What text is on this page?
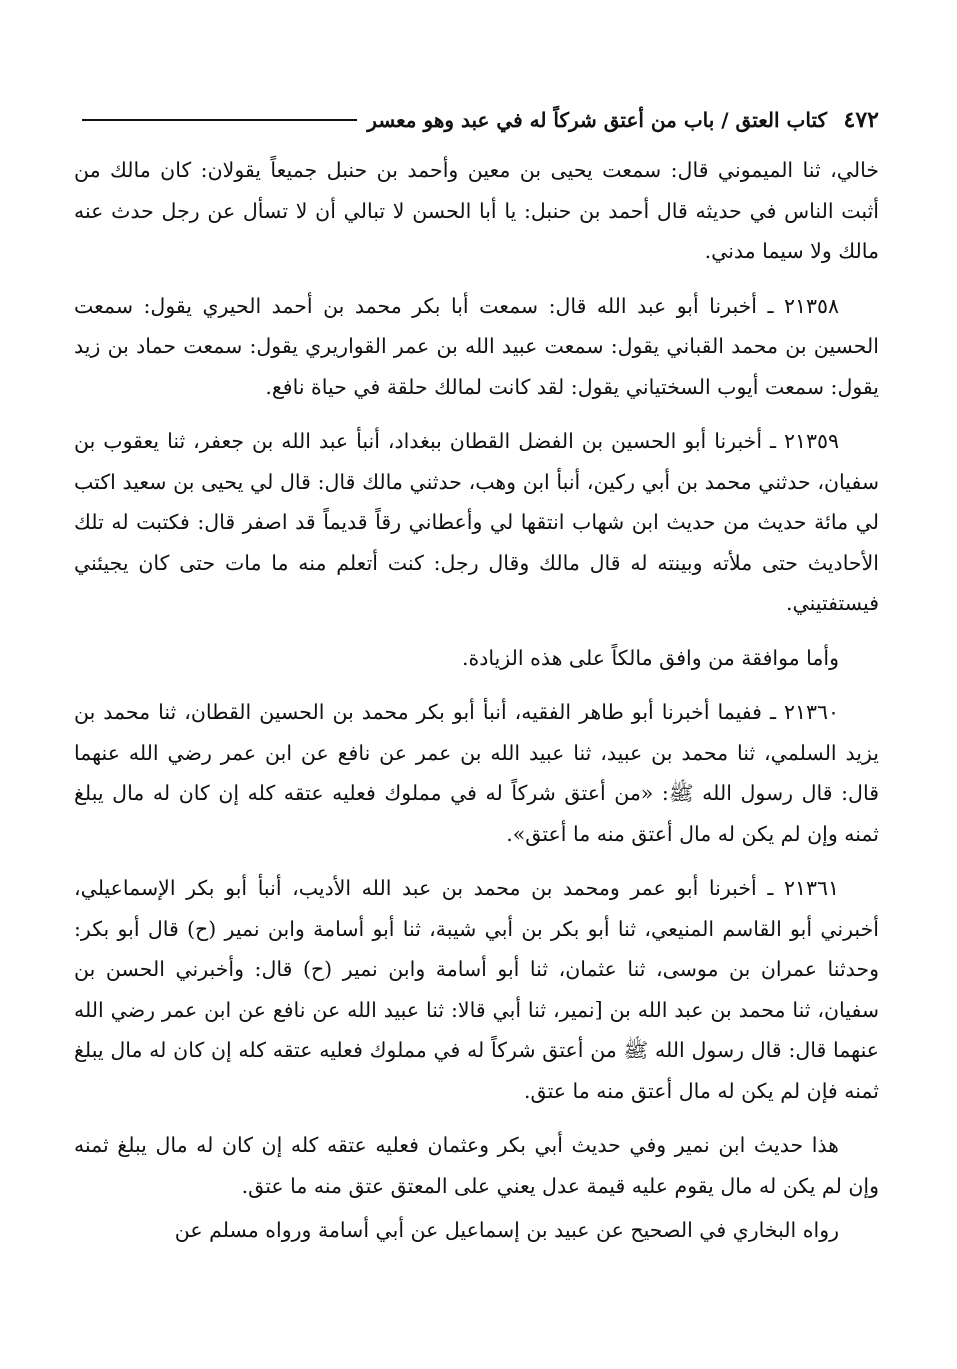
٤٧٢
كتاب العتق / باب من أعتق شركاً له في عبد وهو معسر

خالي، ثنا الميموني قال: سمعت يحيى بن معين وأحمد بن حنبل جميعاً يقولان: كان مالك من أثبت الناس في حديثه قال أحمد بن حنبل: يا أبا الحسن لا تبالي أن لا تسأل عن رجل حدث عنه مالك ولا سيما مدني.

٢١٣٥٨ ـ أخبرنا أبو عبد الله قال: سمعت أبا بكر محمد بن أحمد الحيري يقول: سمعت الحسين بن محمد القباني يقول: سمعت عبيد الله بن عمر القواريري يقول: سمعت حماد بن زيد يقول: سمعت أيوب السختياني يقول: لقد كانت لمالك حلقة في حياة نافع.

٢١٣٥٩ ـ أخبرنا أبو الحسين بن الفضل القطان ببغداد، أنبأ عبد الله بن جعفر، ثنا يعقوب بن سفيان، حدثني محمد بن أبي ركين، أنبأ ابن وهب، حدثني مالك قال: قال لي يحيى بن سعيد اكتب لي مائة حديث من حديث ابن شهاب انتقها لي وأعطاني رقاً قديماً قد اصفر قال: فكتبت له تلك الأحاديث حتى ملأته وبينته له قال مالك وقال رجل: كنت أتعلم منه ما مات حتى كان يجيئني فيستفتيني.

وأما موافقة من وافق مالكاً على هذه الزيادة.

٢١٣٦٠ ـ ففيما أخبرنا أبو طاهر الفقيه، أنبأ أبو بكر محمد بن الحسين القطان، ثنا محمد بن يزيد السلمي، ثنا محمد بن عبيد، ثنا عبيد الله بن عمر عن نافع عن ابن عمر رضي الله عنهما قال: قال رسول الله ﷺ: «من أعتق شركاً له في مملوك فعليه عتقه كله إن كان له مال يبلغ ثمنه وإن لم يكن له مال أعتق منه ما أعتق».

٢١٣٦١ ـ أخبرنا أبو عمر ومحمد بن محمد بن عبد الله الأديب، أنبأ أبو بكر الإسماعيلي، أخبرني أبو القاسم المنيعي، ثنا أبو بكر بن أبي شيبة، ثنا أبو أسامة وابن نمير (ح) قال أبو بكر: وحدثنا عمران بن موسى، ثنا عثمان، ثنا أبو أسامة وابن نمير (ح) قال: وأخبرني الحسن بن سفيان، ثنا محمد بن عبد الله بن [نمير، ثنا أبي قالا: ثنا عبيد الله عن نافع عن ابن عمر رضي الله عنهما قال: قال رسول الله ﷺ من أعتق شركاً له في مملوك فعليه عتقه كله إن كان له مال يبلغ ثمنه فإن لم يكن له مال أعتق منه ما عتق.

هذا حديث ابن نمير وفي حديث أبي بكر وعثمان فعليه عتقه كله إن كان له مال يبلغ ثمنه وإن لم يكن له مال يقوم عليه قيمة عدل يعني على المعتق عتق منه ما عتق.

رواه البخاري في الصحيح عن عبيد بن إسماعيل عن أبي أسامة ورواه مسلم عن
